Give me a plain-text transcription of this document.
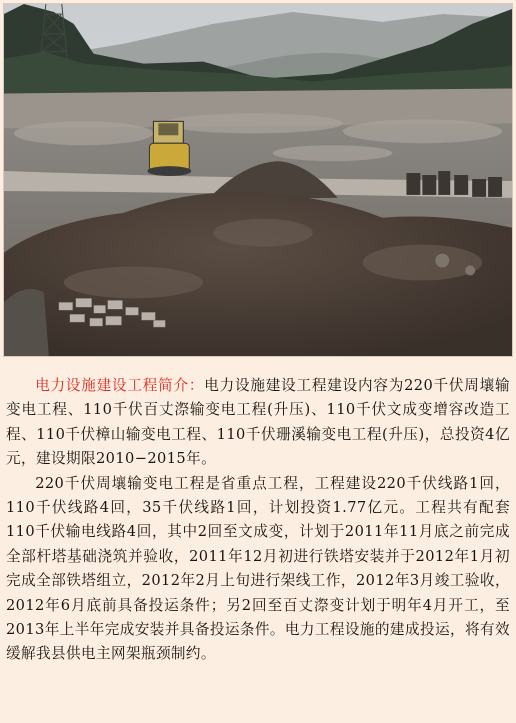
电力设施建设工程简介：电力设施建设工程建设内容为220千伏周壤输变电工程、110千伏百丈漈输变电工程(升压)、110千伏文成变增容改造工程、110千伏樟山输变电工程、110千伏珊溪输变电工程(升压)，总投资4亿元，建设期限2010−2015年。

220千伏周壤输变电工程是省重点工程，工程建设220千伏线路1回，110千伏线路4回，35千伏线路1回，计划投资1.77亿元。工程共有配套110千伏输电线路4回，其中2回至文成变，计划于2011年11月底之前完成全部杆塔基础浇筑并验收，2011年12月初进行铁塔安装并于2012年1月初完成全部铁塔组立，2012年2月上旬进行架线工作，2012年3月竣工验收，2012年6月底前具备投运条件；另2回至百丈漈变计划于明年4月开工，至2013年上半年完成安装并具备投运条件。电力工程设施的建成投运，将有效缓解我县供电主网架瓶颈制约。
